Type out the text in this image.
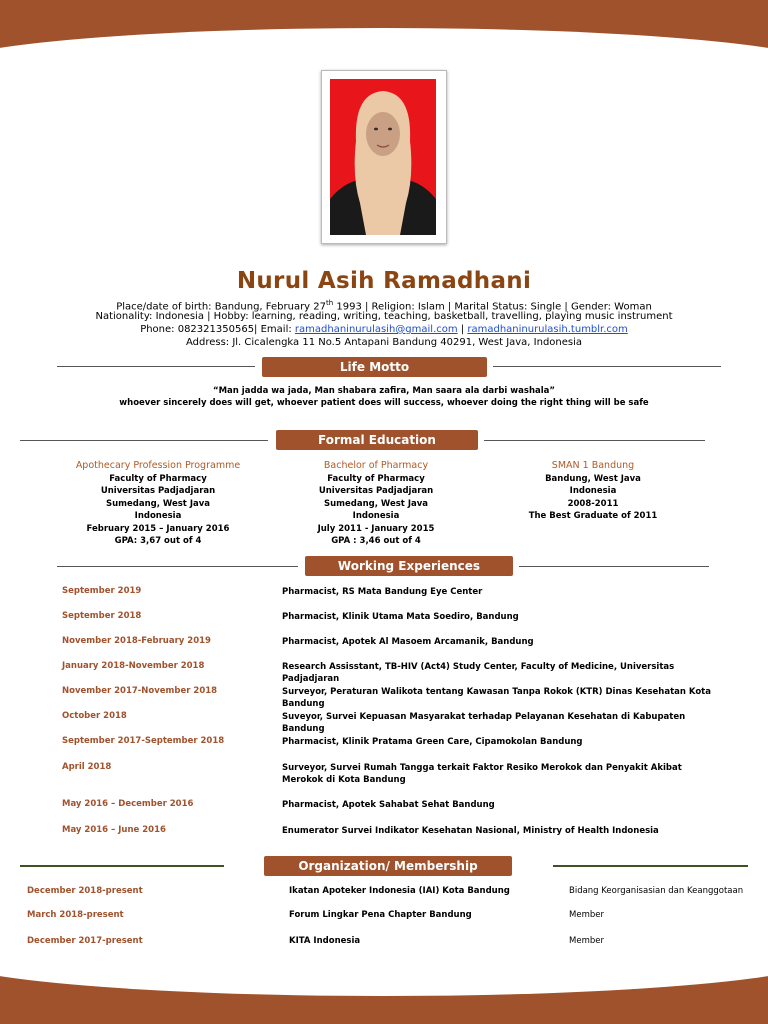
Nurul Asih Ramadhani
Place/date of birth: Bandung, February 27th 1993 | Religion: Islam | Marital Status: Single | Gender: Woman
Nationality: Indonesia | Hobby: learning, reading, writing, teaching, basketball, travelling, playing music instrument
Phone: 082321350565| Email: ramadhaninurulasih@gmail.com | ramadhaninurulasih.tumblr.com
Address: Jl. Cicalengka 11 No.5 Antapani Bandung 40291, West Java, Indonesia
Life Motto
“Man jadda wa jada, Man shabara zafira, Man saara ala darbi washala”
whoever sincerely does will get, whoever patient does will success, whoever doing the right thing will be safe
Formal Education
Apothecary Profession Programme
Faculty of Pharmacy
Universitas Padjadjaran
Sumedang, West Java
Indonesia
February 2015 – January 2016
GPA: 3,67 out of 4
Bachelor of Pharmacy
Faculty of Pharmacy
Universitas Padjadjaran
Sumedang, West Java
Indonesia
July 2011 - January 2015
GPA : 3,46 out of 4
SMAN 1 Bandung
Bandung, West Java
Indonesia
2008-2011
The Best Graduate of 2011
Working Experiences
September 2019	Pharmacist, RS Mata Bandung Eye Center
September 2018	Pharmacist, Klinik Utama Mata Soediro, Bandung
November 2018-February 2019	Pharmacist, Apotek Al Masoem Arcamanik, Bandung
January 2018-November 2018	Research Assisstant, TB-HIV (Act4) Study Center, Faculty of Medicine, Universitas Padjadjaran
November 2017-November 2018	Surveyor, Peraturan Walikota tentang Kawasan Tanpa Rokok (KTR) Dinas Kesehatan Kota Bandung
October 2018	Suveyor, Survei Kepuasan Masyarakat terhadap Pelayanan Kesehatan di Kabupaten Bandung
September 2017-September 2018	Pharmacist, Klinik Pratama Green Care, Cipamokolan Bandung
April 2018	Surveyor, Survei Rumah Tangga terkait Faktor Resiko Merokok dan Penyakit Akibat Merokok di Kota Bandung
May 2016 – December 2016	Pharmacist, Apotek Sahabat Sehat Bandung
May 2016 – June 2016	Enumerator Survei Indikator Kesehatan Nasional, Ministry of Health Indonesia
Organization/ Membership
December 2018-present	Ikatan Apoteker Indonesia (IAI) Kota Bandung	Bidang Keorganisasian dan Keanggotaan
March 2018-present	Forum Lingkar Pena Chapter Bandung	Member
December 2017-present	KITA Indonesia	Member
